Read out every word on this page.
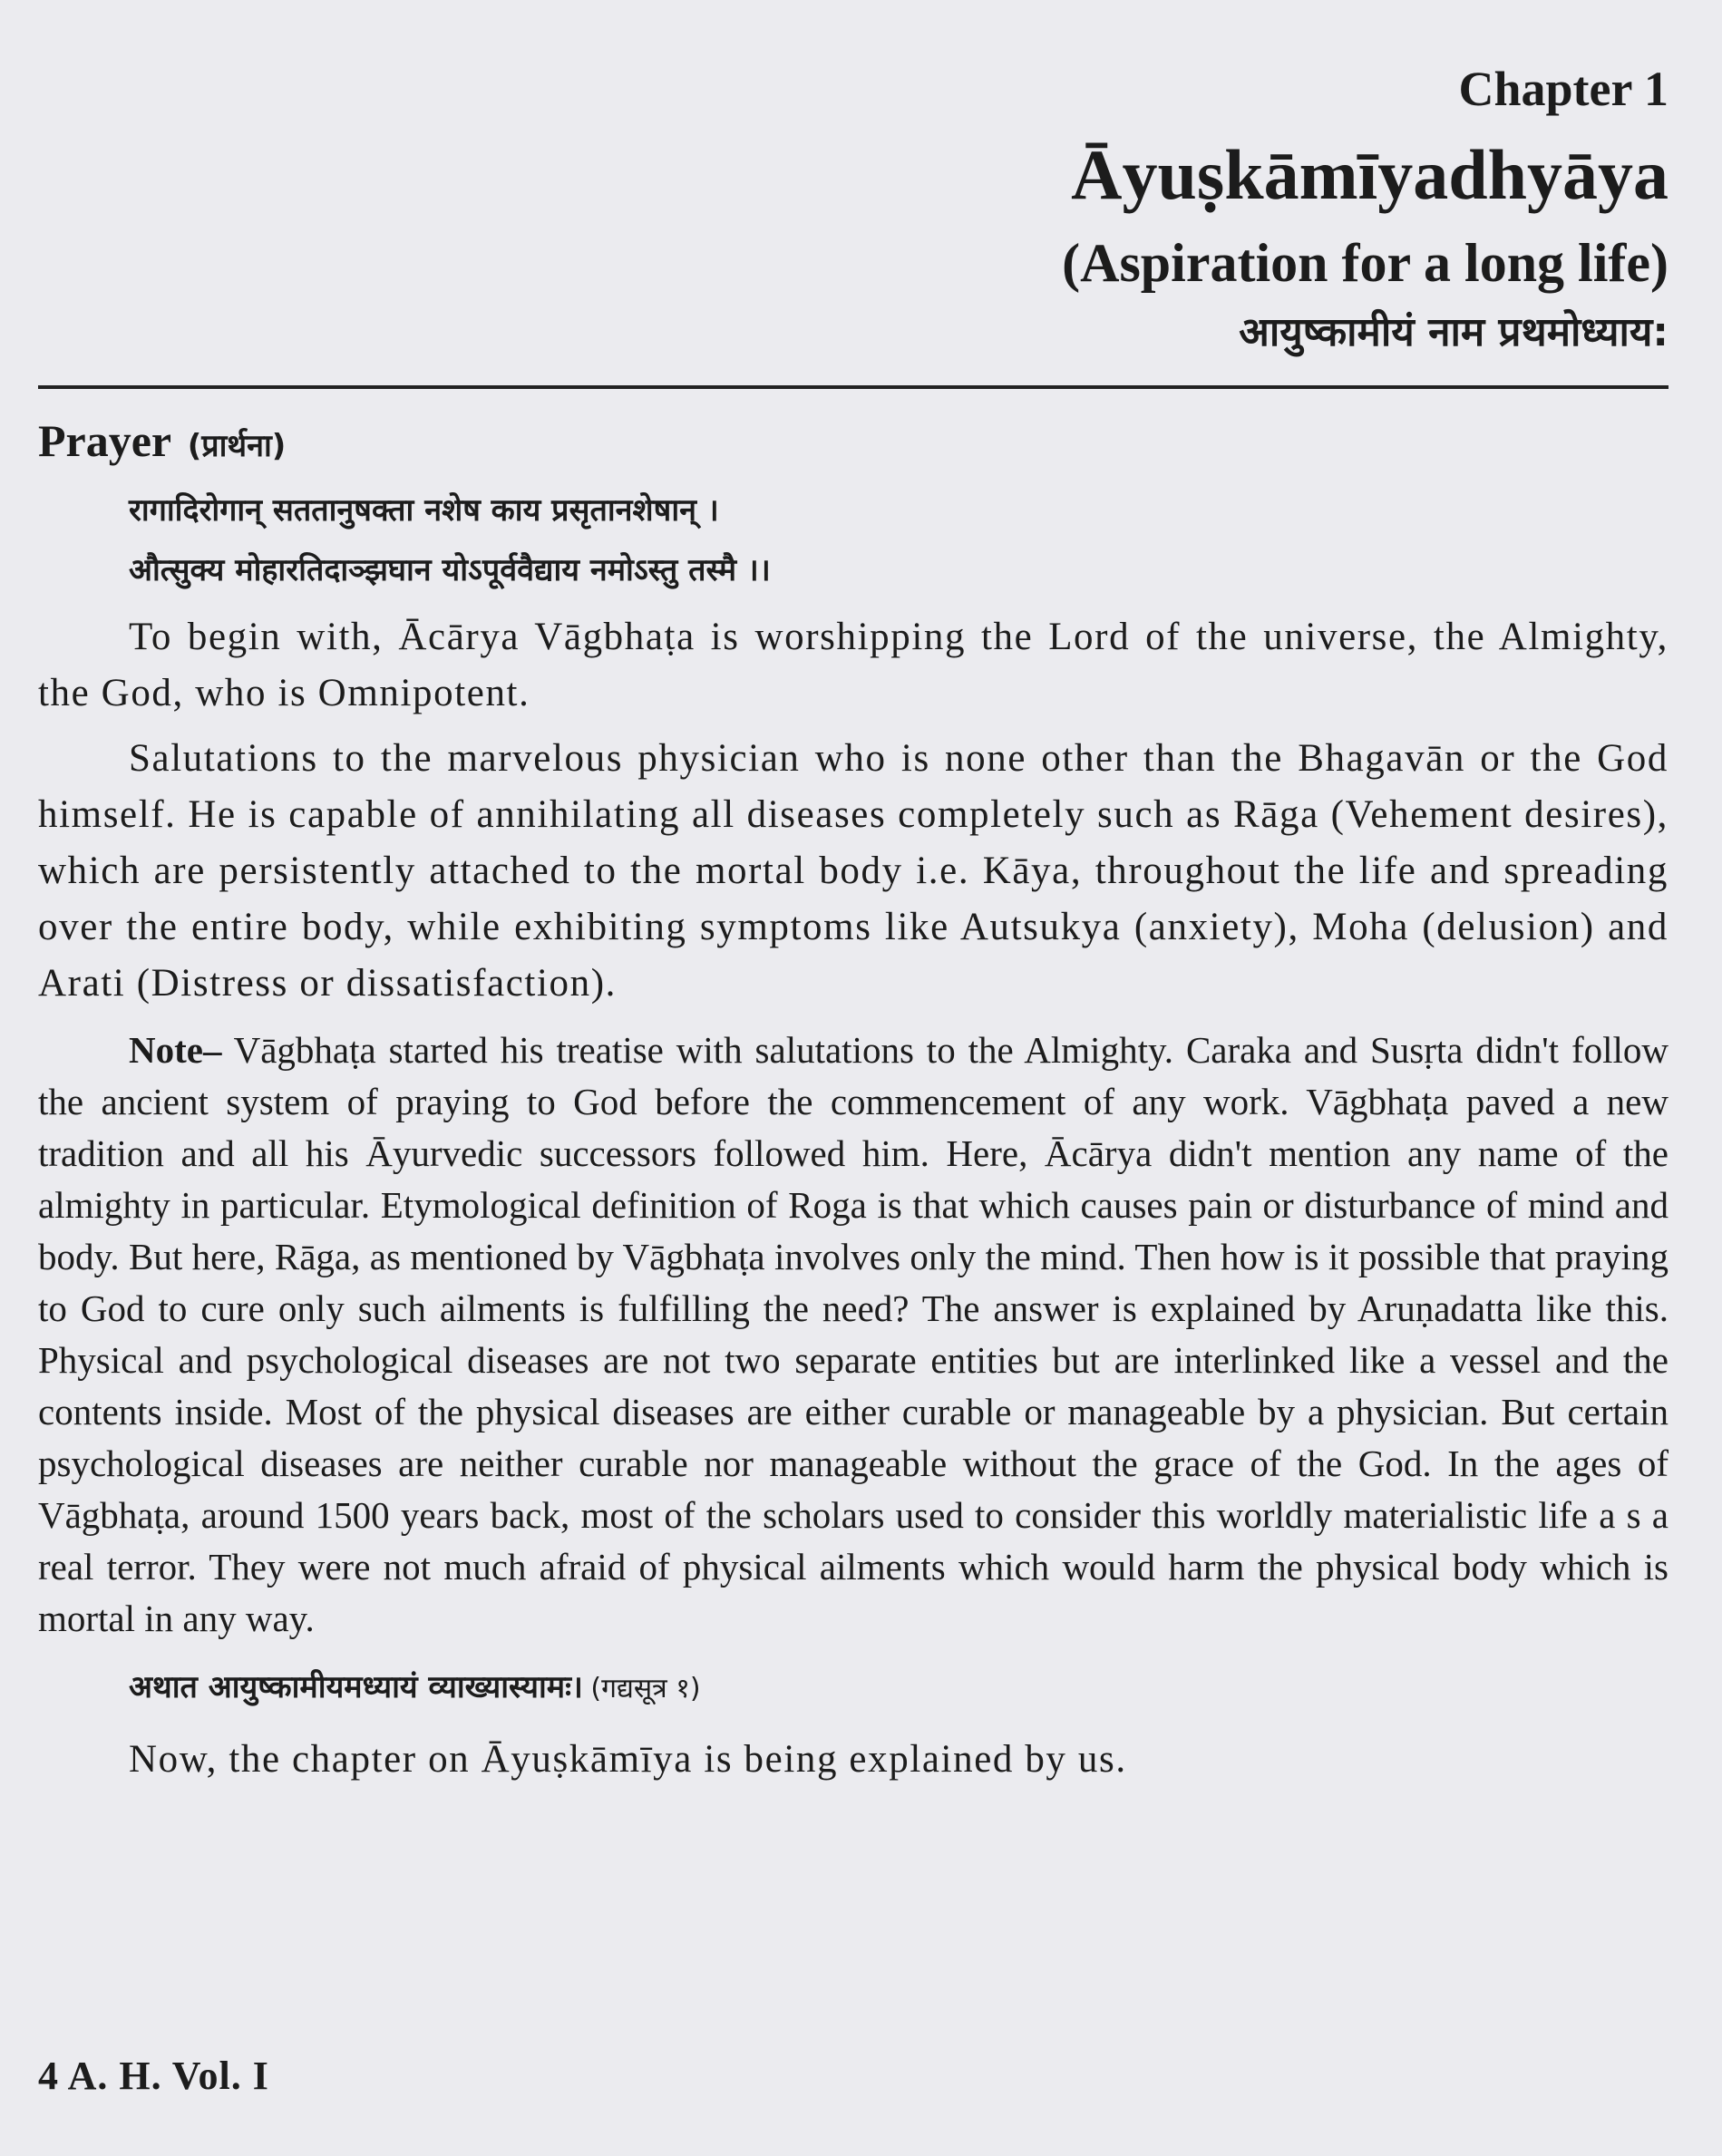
Chapter 1
Āyuṣkāmīyadhyāya
(Aspiration for a long life)
आयुष्कामीयं नाम प्रथमोध्याय:
Prayer (प्रार्थना)
रागादिरोगान् सततानुषक्ता नशेष काय प्रसृतानशेषान् ।
औत्सुक्य मोहारतिदाञ्झघान योऽपूर्ववैद्याय नमोऽस्तु तस्मै ।।

To begin with, Ācārya Vāgbhaṭa is worshipping the Lord of the universe, the Almighty, the God, who is Omnipotent.

Salutations to the marvelous physician who is none other than the Bhagavān or the God himself. He is capable of annihilating all diseases completely such as Rāga (Vehement desires), which are persistently attached to the mortal body i.e. Kāya, throughout the life and spreading over the entire body, while exhibiting symptoms like Autsukya (anxiety), Moha (delusion) and Arati (Distress or dissatisfaction).

Note– Vāgbhaṭa started his treatise with salutations to the Almighty. Caraka and Susṛta didn't follow the ancient system of praying to God before the commencement of any work. Vāgbhaṭa paved a new tradition and all his Āyurvedic successors followed him. Here, Ācārya didn't mention any name of the almighty in particular. Etymological definition of Roga is that which causes pain or disturbance of mind and body. But here, Rāga, as mentioned by Vāgbhaṭa involves only the mind. Then how is it possible that praying to God to cure only such ailments is fulfilling the need? The answer is explained by Aruṇadatta like this. Physical and psychological diseases are not two separate entities but are interlinked like a vessel and the contents inside. Most of the physical diseases are either curable or manageable by a physician. But certain psychological diseases are neither curable nor manageable without the grace of the God. In the ages of Vāgbhaṭa, around 1500 years back, most of the scholars used to consider this worldly materialistic life a s a real terror. They were not much afraid of physical ailments which would harm the physical body which is mortal in any way.

अथात आयुष्कामीयमध्यायं व्याख्यास्यामः। (गद्यसूत्र १)

Now, the chapter on Āyuṣkāmīya is being explained by us.

4 A. H. Vol. I
